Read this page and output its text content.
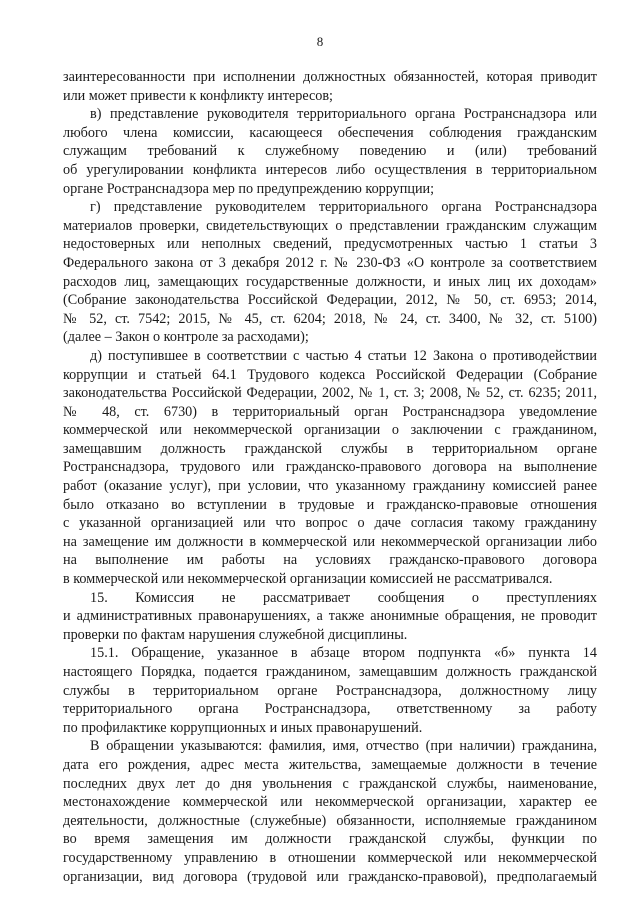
8
заинтересованности при исполнении должностных обязанностей, которая приводит
или может привести к конфликту интересов;
в) представление руководителя территориального органа Ространснадзора или
любого члена комиссии, касающееся обеспечения соблюдения гражданским
служащим требований к служебному поведению и (или) требований
об урегулировании конфликта интересов либо осуществления в территориальном
органе Ространснадзора мер по предупреждению коррупции;
г) представление руководителем территориального органа Ространснадзора
материалов проверки, свидетельствующих о представлении гражданским служащим
недостоверных или неполных сведений, предусмотренных частью 1 статьи 3
Федерального закона от 3 декабря 2012 г. № 230-ФЗ «О контроле за соответствием
расходов лиц, замещающих государственные должности, и иных лиц их доходам»
(Собрание законодательства Российской Федерации, 2012, № 50, ст. 6953; 2014,
№ 52, ст. 7542; 2015, № 45, ст. 6204; 2018, № 24, ст. 3400, № 32, ст. 5100)
(далее – Закон о контроле за расходами);
д) поступившее в соответствии с частью 4 статьи 12 Закона о противодействии
коррупции и статьей 64.1 Трудового кодекса Российской Федерации (Собрание
законодательства Российской Федерации, 2002, № 1, ст. 3; 2008, № 52, ст. 6235; 2011,
№ 48, ст. 6730) в территориальный орган Ространснадзора уведомление
коммерческой или некоммерческой организации о заключении с гражданином,
замещавшим должность гражданской службы в территориальном органе
Ространснадзора, трудового или гражданско-правового договора на выполнение
работ (оказание услуг), при условии, что указанному гражданину комиссией ранее
было отказано во вступлении в трудовые и гражданско-правовые отношения
с указанной организацией или что вопрос о даче согласия такому гражданину
на замещение им должности в коммерческой или некоммерческой организации либо
на выполнение им работы на условиях гражданско-правового договора
в коммерческой или некоммерческой организации комиссией не рассматривался.
15. Комиссия не рассматривает сообщения о преступлениях
и административных правонарушениях, а также анонимные обращения, не проводит
проверки по фактам нарушения служебной дисциплины.
15.1. Обращение, указанное в абзаце втором подпункта «б» пункта 14
настоящего Порядка, подается гражданином, замещавшим должность гражданской
службы в территориальном органе Ространснадзора, должностному лицу
территориального органа Ространснадзора, ответственному за работу
по профилактике коррупционных и иных правонарушений.
В обращении указываются: фамилия, имя, отчество (при наличии) гражданина,
дата его рождения, адрес места жительства, замещаемые должности в течение
последних двух лет до дня увольнения с гражданской службы, наименование,
местонахождение коммерческой или некоммерческой организации, характер ее
деятельности, должностные (служебные) обязанности, исполняемые гражданином
во время замещения им должности гражданской службы, функции по
государственному управлению в отношении коммерческой или некоммерческой
организации, вид договора (трудовой или гражданско-правовой), предполагаемый
